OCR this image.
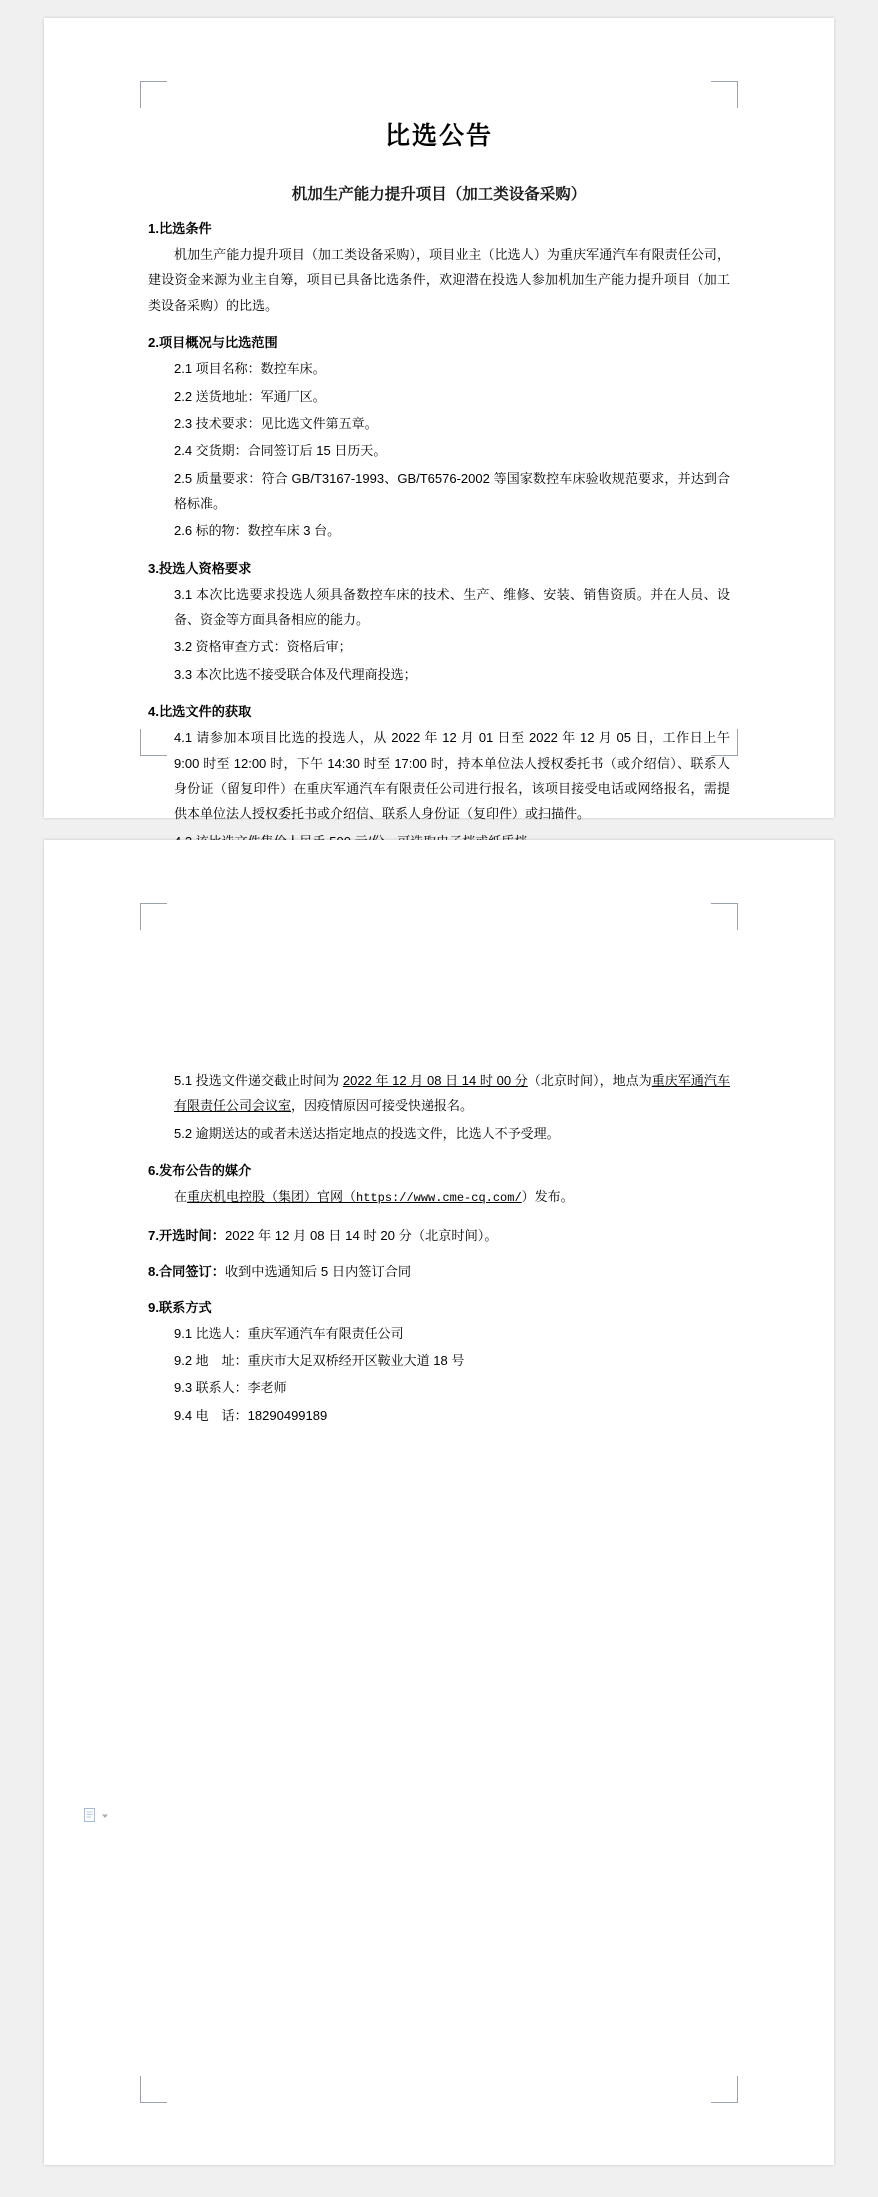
比选公告
机加生产能力提升项目（加工类设备采购）
1.比选条件
机加生产能力提升项目（加工类设备采购），项目业主（比选人）为重庆军通汽车有限责任公司，建设资金来源为业主自筹，项目已具备比选条件，欢迎潜在投选人参加机加生产能力提升项目（加工类设备采购）的比选。
2.项目概况与比选范围
2.1 项目名称：数控车床。
2.2 送货地址：军通厂区。
2.3 技术要求：见比选文件第五章。
2.4 交货期：合同签订后 15 日历天。
2.5 质量要求：符合 GB/T3167-1993、GB/T6576-2002 等国家数控车床验收规范要求，并达到合格标准。
2.6 标的物：数控车床 3 台。
3.投选人资格要求
3.1 本次比选要求投选人须具备数控车床的技术、生产、维修、安装、销售资质。并在人员、设备、资金等方面具备相应的能力。
3.2 资格审查方式：资格后审；
3.3 本次比选不接受联合体及代理商投选；
4.比选文件的获取
4.1 请参加本项目比选的投选人，从 2022 年 12 月 01 日至 2022 年 12 月 05 日，工作日上午 9:00 时至 12:00 时，下午 14:30 时至 17:00 时，持本单位法人授权委托书（或介绍信）、联系人身份证（留复印件）在重庆军通汽车有限责任公司进行报名，该项目接受电话或网络报名，需提供本单位法人授权委托书或介绍信、联系人身份证（复印件）或扫描件。
5.1 投选文件递交截止时间为 2022 年 12 月 08 日 14 时 00 分（北京时间），地点为重庆军通汽车有限责任公司会议室，因疫情原因可接受快递报名。
5.2 逾期送达的或者未送达指定地点的投选文件，比选人不予受理。
6.发布公告的媒介
在重庆机电控股（集团）官网（https://www.cme-cq.com/）发布。
7.开选时间：2022 年 12 月 08 日 14 时 20 分（北京时间）。
8.合同签订：收到中选通知后 5 日内签订合同
9.联系方式
9.1 比选人：重庆军通汽车有限责任公司
9.2 地　址：重庆市大足双桥经开区鞍业大道 18 号
9.3 联系人：李老师
9.4 电　话：18290499189
